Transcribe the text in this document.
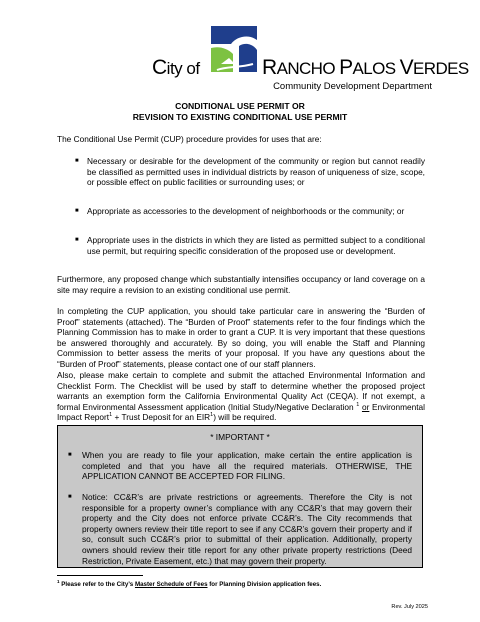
City of	RANCHO PALOS VERDES
Community Development Department
CONDITIONAL USE PERMIT OR
REVISION TO EXISTING CONDITIONAL USE PERMIT
The Conditional Use Permit (CUP) procedure provides for uses that are:
■ Necessary or desirable for the development of the community or region but cannot readily be classified as permitted uses in individual districts by reason of uniqueness of size, scope, or possible effect on public facilities or surrounding uses; or
■ Appropriate as accessories to the development of neighborhoods or the community; or
■ Appropriate uses in the districts in which they are listed as permitted subject to a conditional use permit, but requiring specific consideration of the proposed use or development.
Furthermore, any proposed change which substantially intensifies occupancy or land coverage on a site may require a revision to an existing conditional use permit.
In completing the CUP application, you should take particular care in answering the “Burden of Proof” statements (attached). The “Burden of Proof” statements refer to the four findings which the Planning Commission has to make in order to grant a CUP. It is very important that these questions be answered thoroughly and accurately. By so doing, you will enable the Staff and Planning Commission to better assess the merits of your proposal. If you have any questions about the “Burden of Proof” statements, please contact one of our staff planners.
Also, please make certain to complete and submit the attached Environmental Information and Checklist Form. The Checklist will be used by staff to determine whether the proposed project warrants an exemption form the California Environmental Quality Act (CEQA). If not exempt, a formal Environmental Assessment application (Initial Study/Negative Declaration $^1$ or Environmental Impact Report$^1$ + Trust Deposit for an EIR$^1$) will be required.
* IMPORTANT *
■ When you are ready to file your application, make certain the entire application is completed and that you have all the required materials. OTHERWISE, THE APPLICATION CANNOT BE ACCEPTED FOR FILING.
■ Notice: CC&R’s are private restrictions or agreements. Therefore the City is not responsible for a property owner’s compliance with any CC&R’s that may govern their property and the City does not enforce private CC&R’s. The City recommends that property owners review their title report to see if any CC&R’s govern their property and if so, consult such CC&R’s prior to submittal of their application. Additionally, property owners should review their title report for any other private property restrictions (Deed Restriction, Private Easement, etc.) that may govern their property.
$^1$ Please refer to the City’s Master Schedule of Fees for Planning Division application fees.
Rev. July 2025
